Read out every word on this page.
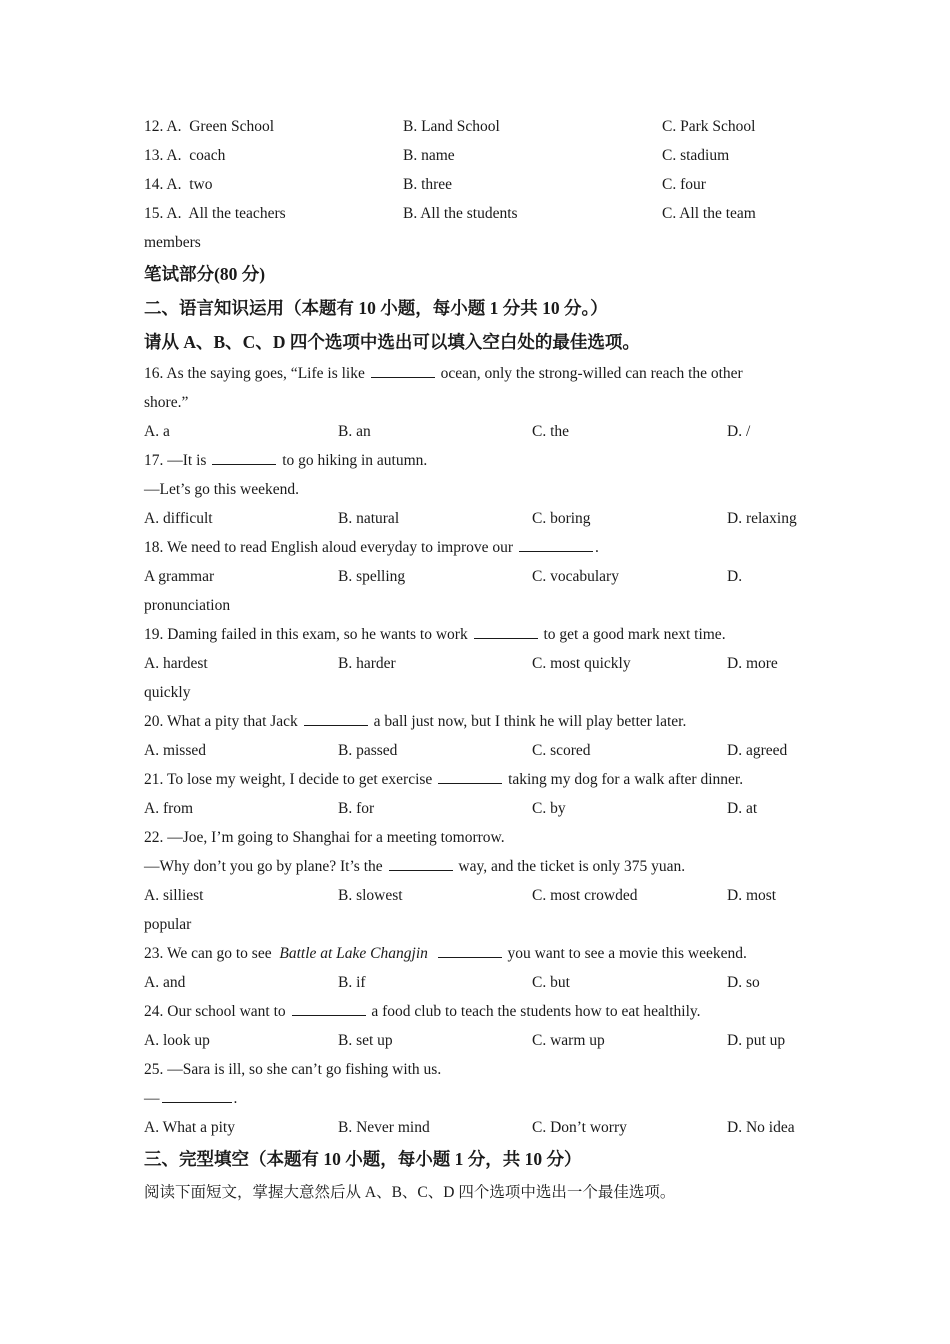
12. A. Green School	B. Land School	C. Park School
13. A. coach	B. name	C. stadium
14. A. two	B. three	C. four
15. A. All the teachers	B. All the students	C. All the team
members
笔试部分(80 分)
二、语言知识运用（本题有 10 小题，每小题 1 分共 10 分。）
请从 A、B、C、D 四个选项中选出可以填入空白处的最佳选项。
16. As the saying goes, “Life is like	ocean, only the strong-willed can reach the other
shore.”
A. a	B. an	C. the	D. /
17. —It is	to go hiking in autumn.
—Let’s go this weekend.
A. difficult	B. natural	C. boring	D. relaxing
18. We need to read English aloud everyday to improve our	.
A grammar	B. spelling	C. vocabulary	D.
pronunciation
19. Daming failed in this exam, so he wants to work	to get a good mark next time.
A. hardest	B. harder	C. most quickly	D. more
quickly
20. What a pity that Jack	a ball just now, but I think he will play better later.
A. missed	B. passed	C. scored	D. agreed
21. To lose my weight, I decide to get exercise	taking my dog for a walk after dinner.
A. from	B. for	C. by	D. at
22. —Joe, I’m going to Shanghai for a meeting tomorrow.
—Why don’t you go by plane? It’s the	way, and the ticket is only 375 yuan.
A. silliest	B. slowest	C. most crowded	D. most
popular
23. We can go to see Battle at Lake Changjin	you want to see a movie this weekend.
A. and	B. if	C. but	D. so
24. Our school want to	a food club to teach the students how to eat healthily.
A. look up	B. set up	C. warm up	D. put up
25. —Sara is ill, so she can’t go fishing with us.
—	.
A. What a pity	B. Never mind	C. Don’t worry	D. No idea
三、完型填空（本题有 10 小题，每小题 1 分，共 10 分）
阅读下面短文，掌握大意然后从 A、B、C、D 四个选项中选出一个最佳选项。
